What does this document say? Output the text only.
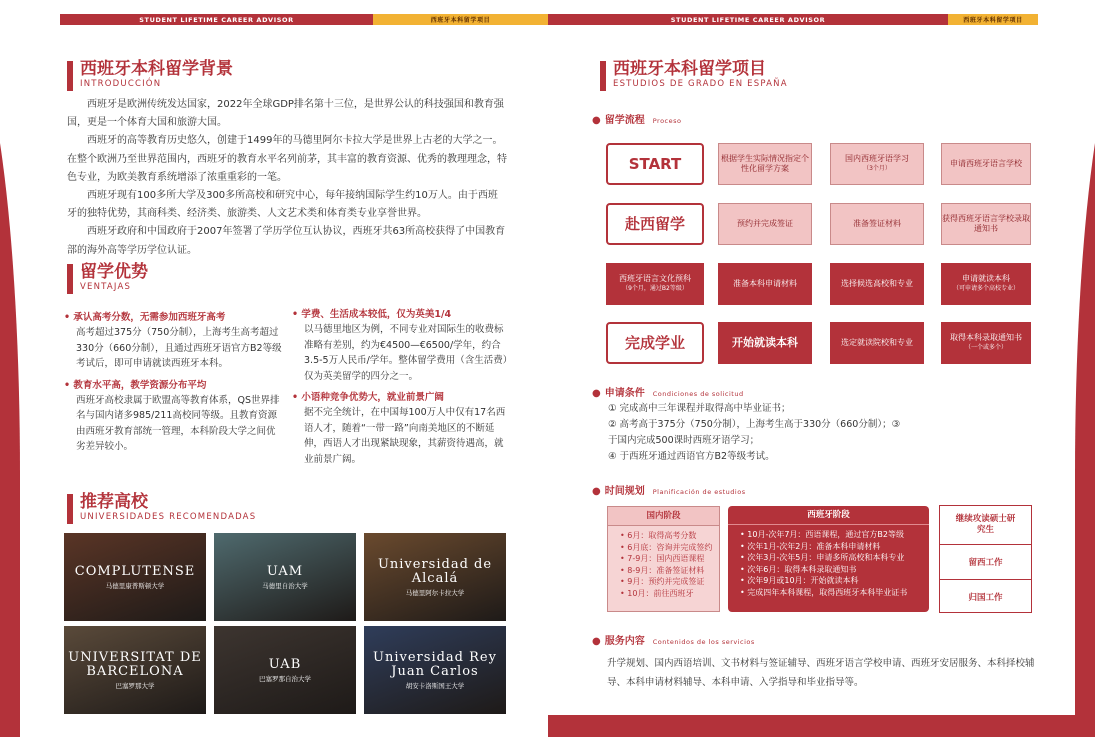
STUDENT LIFETIME CAREER ADVISOR	西班牙本科留学项目
西班牙本科留学背景
INTRODUCCIÓN

西班牙是欧洲传统发达国家，2022年全球GDP排名第十三位，是世界公认的科技强国和教育强国，更是一个体育大国和旅游大国。

西班牙的高等教育历史悠久，创建于1499年的马德里阿尔卡拉大学是世界上古老的大学之一。在整个欧洲乃至世界范围内，西班牙的教育水平名列前茅，其丰富的教育资源、优秀的教理理念，特色专业，为欧美教育系统增添了浓重重彩的一笔。

西班牙现有100多所大学及300多所高校和研究中心，每年接纳国际学生约10万人。由于西班牙的独特优势，其商科类、经济类、旅游类、人文艺术类和体育类专业享誉世界。

西班牙政府和中国政府于2007年签署了学历学位互认协议，西班牙共63所高校获得了中国教育部的海外高等学历学位认证。

留学优势
VENTAJAS
• 承认高考分数，无需参加西班牙高考
高考超过375分（750分制），上海考生高考超过330分（660分制），且通过西班牙语官方B2等级考试后，即可申请就读西班牙本科。
• 教育水平高，教学资源分布平均
西班牙高校隶属于欧盟高等教育体系，QS世界排名与国内诸多985/211高校同等级。且教育资源由西班牙教育部统一管理，本科阶段大学之间优劣差异较小。
• 学费、生活成本较低，仅为英美1/4
以马德里地区为例，不同专业对国际生的收费标准略有差别，约为€4500—€6500/学年，约合3.5-5万人民币/学年。整体留学费用（含生活费）仅为英美留学的四分之一。
• 小语种竞争优势大，就业前景广阔
据不完全统计，在中国每100万人中仅有17名西语人才，随着“一带一路”向南美地区的不断延伸，西语人才出现紧缺现象，其薪资待遇高，就业前景广阔。
推荐高校
UNIVERSIDADES RECOMENDADAS
COMPLUTENSE
马德里康普斯顿大学
UAM
马德里自治大学
Universidad de Alcalá
马德里阿尔卡拉大学
UNIVERSITAT DE BARCELONA
巴塞罗那大学
UAB
巴塞罗那自治大学
Universidad Rey Juan Carlos
胡安卡洛斯国王大学
STUDENT LIFETIME CAREER ADVISOR	西班牙本科留学项目
西班牙本科留学项目
ESTUDIOS DE GRADO EN ESPAÑA
● 留学流程 Proceso
START	根据学生实际情况指定个性化留学方案
国内西班牙语学习
（3个月）
申请西班牙语言学校
赴西留学	预约并完成签证	准备签证材料
获得西班牙语言学校录取通知书
西班牙语言文化预科
（9个月，通过B2等级）
准备本科申请材料	选择候选高校和专业
申请就读本科
（可申请多个高校专业）
完成学业	开始就读本科	选定就读院校和专业
取得本科录取通知书
（一个或多个）
● 申请条件 Condiciones de solicitud
① 完成高中三年课程并取得高中毕业证书；
② 高考高于375分（750分制），上海考生高于330分（660分制）；③
于国内完成500课时西班牙语学习；
④ 于西班牙通过西语官方B2等级考试。
● 时间规划 Planificación de estudios
国内阶段
• 6月：取得高考分数
• 6月底：咨询并完成签约
• 7-9月：国内西语课程
• 8-9月：准备签证材料
• 9月：预约并完成签证
• 10月：前往西班牙
西班牙阶段
• 10月-次年7月：西语课程，通过官方B2等级
• 次年1月-次年2月：准备本科申请材料
• 次年3月-次年5月：申请多所高校和本科专业
• 次年6月：取得本科录取通知书
• 次年9月或10月：开始就读本科
• 完成四年本科课程，取得西班牙本科毕业证书
继续攻读硕士研究生
留西工作
归国工作
● 服务内容 Contenidos de los servicios
升学规划、国内西语培训、文书材料与签证辅导、西班牙语言学校申请、西班牙安居服务、本科择校辅导、本科申请材料辅导、本科申请、入学指导和毕业指导等。
